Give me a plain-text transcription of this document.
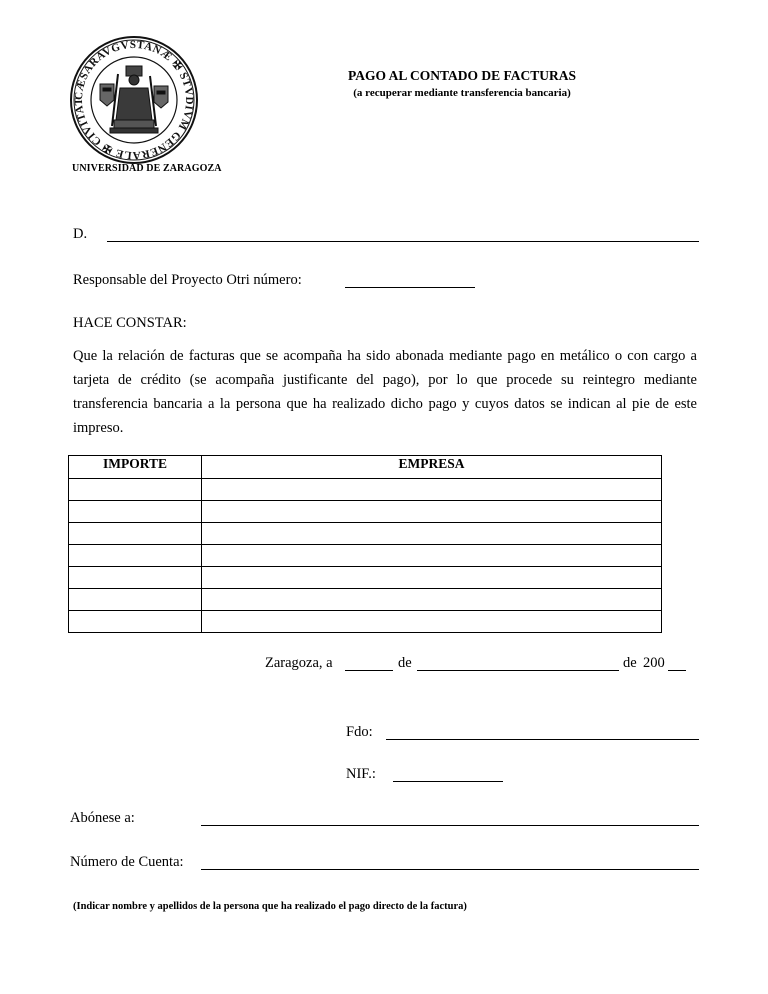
CÆSARAVGVSTANÆ ✠ STVDIVM GENERALE ✠ CIVITAT
UNIVERSIDAD DE ZARAGOZA
PAGO AL CONTADO DE FACTURAS
(a recuperar mediante transferencia bancaria)
D.
Responsable del Proyecto Otri número:
HACE CONSTAR:
Que la relación de facturas que se acompaña ha sido abonada mediante pago en metálico o con cargo a tarjeta de crédito (se acompaña justificante del pago), por lo que procede su reintegro mediante transferencia bancaria a la persona que ha realizado dicho pago y cuyos datos se indican al pie de este impreso.
IMPORTE	EMPRESA

Zaragoza, a	de	de 200
Fdo:
NIF.:
Abónese a:
Número de Cuenta:
(Indicar nombre y apellidos de la persona que ha realizado el pago directo de la factura)
